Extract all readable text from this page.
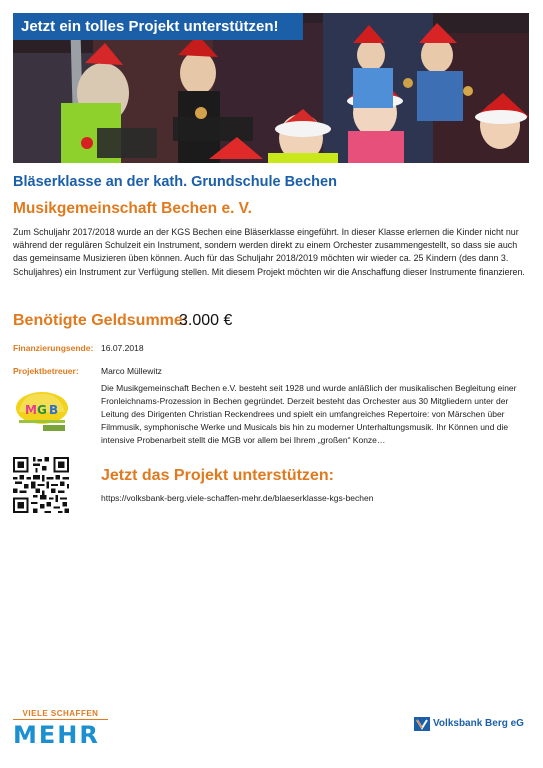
Jetzt ein tolles Projekt unterstützen!
Bläserklasse an der kath. Grundschule Bechen
Musikgemeinschaft Bechen e. V.

Zum Schuljahr 2017/2018 wurde an der KGS Bechen eine Bläserklasse eingeführt. In dieser Klasse erlernen die Kinder nicht nur während der regulären Schulzeit ein Instrument, sondern werden direkt zu einem Orchester zusammengestellt, so dass sie auch das gemeinsame Musizieren üben können. Auch für das Schuljahr 2018/2019 möchten wir wieder ca. 25 Kindern (des dann 3. Schuljahres) ein Instrument zur Verfügung stellen. Mit diesem Projekt möchten wir die Anschaffung dieser Instrumente finanzieren.

Benötigte Geldsumme:
3.000 €
Finanzierungsende: 16.07.2018
Projektbetreuer:	Marco Müllewitz
M G B

Die Musikgemeinschaft Bechen e.V. besteht seit 1928 und wurde anläßlich der musikalischen Begleitung einer Fronleichnams-Prozession in Bechen gegründet. Derzeit besteht das Orchester aus 30 Mitgliedern unter der Leitung des Dirigenten Christian Reckendrees und spielt ein umfangreiches Repertoire: von Märschen über Filmmusik, symphonische Werke und Musicals bis hin zu moderner Unterhaltungsmusik. Ihr Können und die intensive Probenarbeit stellt die MGB vor allem bei Ihrem „großen“ Konze…

Jetzt das Projekt unterstützen:
https://volksbank-berg.viele-schaffen-mehr.de/blaeserklasse-kgs-bechen
VIELE SCHAFFEN
MEHR	Volksbank Berg eG
